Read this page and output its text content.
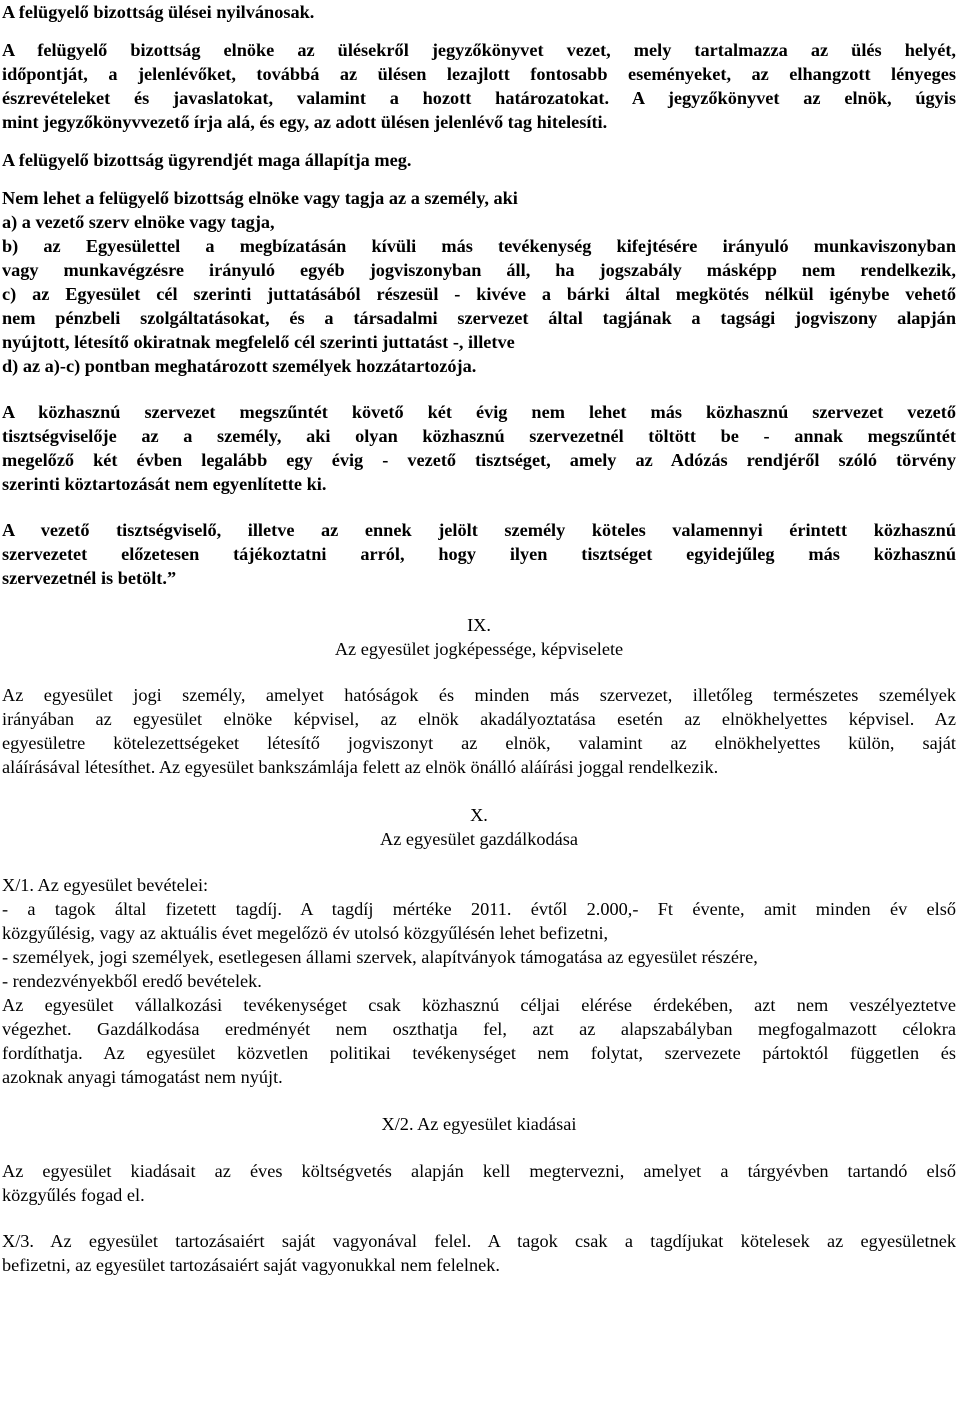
A felügyelő bizottság ülései nyilvánosak.

A felügyelő bizottság elnöke az ülésekről jegyzőkönyvet vezet, mely tartalmazza az ülés helyét,
időpontját, a jelenlévőket, továbbá az ülésen lezajlott fontosabb eseményeket, az elhangzott lényeges
észrevételeket és javaslatokat, valamint a hozott határozatokat. A jegyzőkönyvet az elnök, úgyis
mint jegyzőkönyvvezető írja alá, és egy, az adott ülésen jelenlévő tag hitelesíti.

A felügyelő bizottság ügyrendjét maga állapítja meg.

Nem lehet a felügyelő bizottság elnöke vagy tagja az a személy, aki
a) a vezető szerv elnöke vagy tagja,
b) az Egyesülettel a megbízatásán kívüli más tevékenység kifejtésére irányuló munkaviszonyban
vagy munkavégzésre irányuló egyéb jogviszonyban áll, ha jogszabály másképp nem rendelkezik,
c) az Egyesület cél szerinti juttatásából részesül - kivéve a bárki által megkötés nélkül igénybe vehető
nem pénzbeli szolgáltatásokat, és a társadalmi szervezet által tagjának a tagsági jogviszony alapján
nyújtott, létesítő okiratnak megfelelő cél szerinti juttatást -, illetve
d) az a)-c) pontban meghatározott személyek hozzátartozója.

A közhasznú szervezet megszűntét követő két évig nem lehet más közhasznú szervezet vezető
tisztségviselője az a személy, aki olyan közhasznú szervezetnél töltött be - annak megszűntét
megelőző két évben legalább egy évig - vezető tisztséget, amely az Adózás rendjéről szóló törvény
szerinti köztartozását nem egyenlítette ki.

A vezető tisztségviselő, illetve az ennek jelölt személy köteles valamennyi érintett közhasznú
szervezetet előzetesen tájékoztatni arról, hogy ilyen tisztséget egyidejűleg más közhasznú
szervezetnél is betölt.”

IX.
Az egyesület jogképessége, képviselete

Az egyesület jogi személy, amelyet hatóságok és minden más szervezet, illetőleg természetes személyek
irányában az egyesület elnöke képvisel, az elnök akadályoztatása esetén az elnökhelyettes képvisel. Az
egyesületre kötelezettségeket létesítő jogviszonyt az elnök, valamint az elnökhelyettes külön, saját
aláírásával létesíthet. Az egyesület bankszámlája felett az elnök önálló aláírási joggal rendelkezik.

X.
Az egyesület gazdálkodása

X/1. Az egyesület bevételei:
- a tagok által fizetett tagdíj. A tagdíj mértéke 2011. évtől 2.000,- Ft évente, amit minden év első
közgyűlésig, vagy az aktuális évet megelőzö év utolsó közgyűlésén lehet befizetni,
- személyek, jogi személyek, esetlegesen állami szervek, alapítványok támogatása az egyesület részére,
- rendezvényekből eredő bevételek.
Az egyesület vállalkozási tevékenységet csak közhasznú céljai elérése érdekében, azt nem veszélyeztetve
végezhet. Gazdálkodása eredményét nem oszthatja fel, azt az alapszabályban megfogalmazott célokra
fordíthatja. Az egyesület közvetlen politikai tevékenységet nem folytat, szervezete pártoktól független és
azoknak anyagi támogatást nem nyújt.

X/2. Az egyesület kiadásai

Az egyesület kiadásait az éves költségvetés alapján kell megtervezni, amelyet a tárgyévben tartandó első
közgyűlés fogad el.

X/3. Az egyesület tartozásaiért saját vagyonával felel. A tagok csak a tagdíjukat kötelesek az egyesületnek
befizetni, az egyesület tartozásaiért saját vagyonukkal nem felelnek.
